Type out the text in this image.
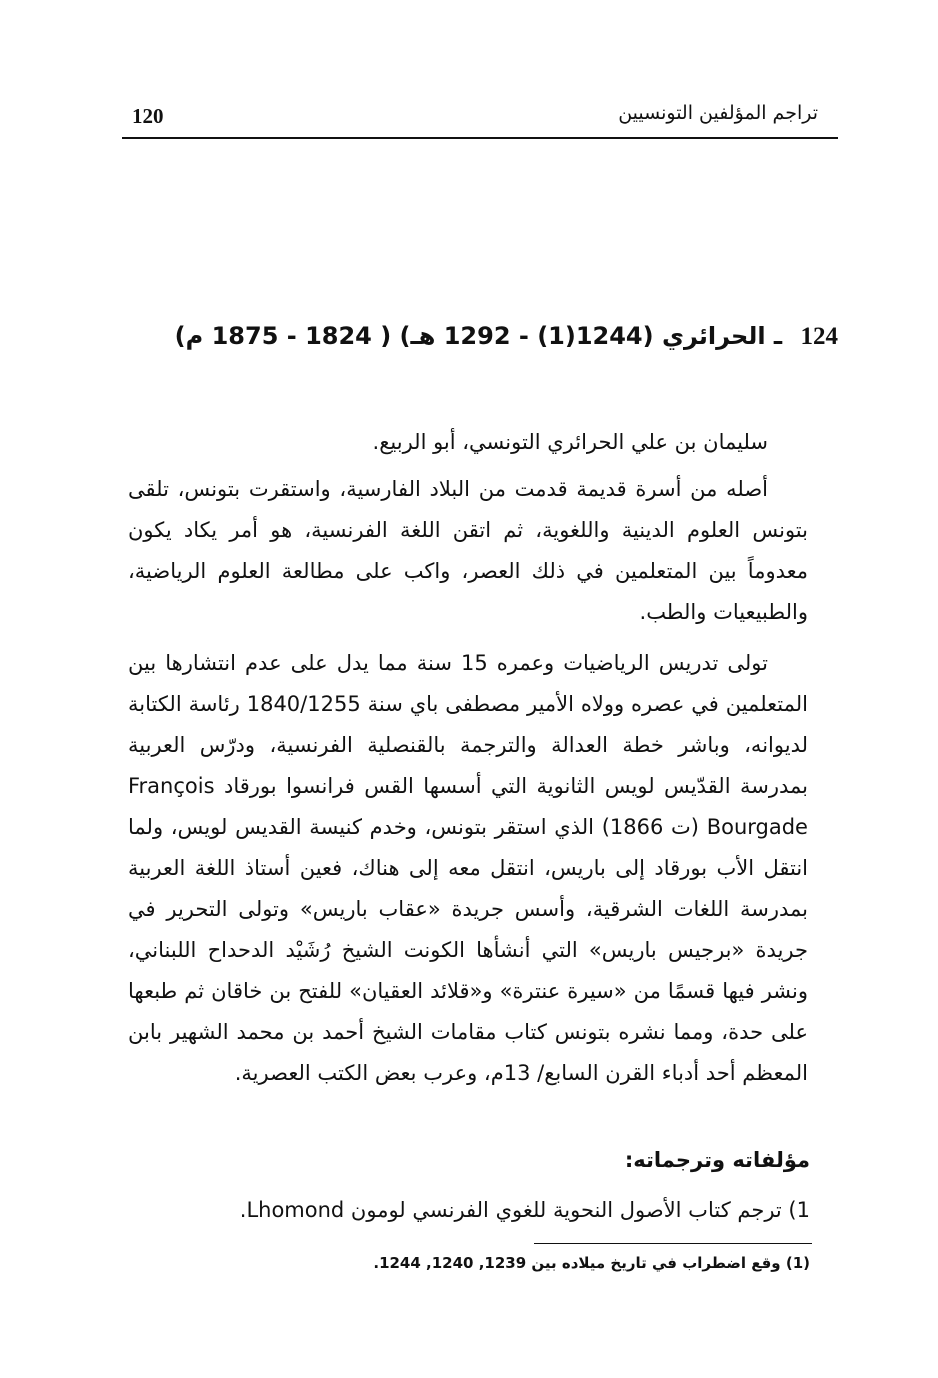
120	تراجم المؤلفين التونسيين
124 ـ الحرائري (1244(1) - 1292 هـ) ( 1824 - 1875 م)

سليمان بن علي الحرائري التونسي، أبو الربيع.

أصله من أسرة قديمة قدمت من البلاد الفارسية، واستقرت بتونس، تلقى بتونس العلوم الدينية واللغوية، ثم اتقن اللغة الفرنسية، هو أمر يكاد يكون معدوماً بين المتعلمين في ذلك العصر، واكب على مطالعة العلوم الرياضية، والطبيعيات والطب.

تولى تدريس الرياضيات وعمره 15 سنة مما يدل على عدم انتشارها بين المتعلمين في عصره وولاه الأمير مصطفى باي سنة 1840/1255 رئاسة الكتابة لديوانه، وباشر خطة العدالة والترجمة بالقنصلية الفرنسية، ودرّس العربية بمدرسة القدّيس لويس الثانوية التي أسسها القس فرانسوا بورقاد François Bourgade (ت 1866) الذي استقر بتونس، وخدم كنيسة القديس لويس، ولما انتقل الأب بورقاد إلى باريس، انتقل معه إلى هناك، فعين أستاذ اللغة العربية بمدرسة اللغات الشرقية، وأسس جريدة «عقاب باريس» وتولى التحرير في جريدة «برجيس باريس» التي أنشأها الكونت الشيخ رُشَيْد الدحداح اللبناني، ونشر فيها قسمًا من «سيرة عنترة» و«قلائد العقيان» للفتح بن خاقان ثم طبعها على حدة، ومما نشره بتونس كتاب مقامات الشيخ أحمد بن محمد الشهير بابن المعظم أحد أدباء القرن السابع/ 13م، وعرب بعض الكتب العصرية.

مؤلفاته وترجماته:
1) ترجم كتاب الأصول النحوية للغوي الفرنسي لومون Lhomond.
(1) وقع اضطراب في تاريخ ميلاده بين 1239, 1240, 1244.
